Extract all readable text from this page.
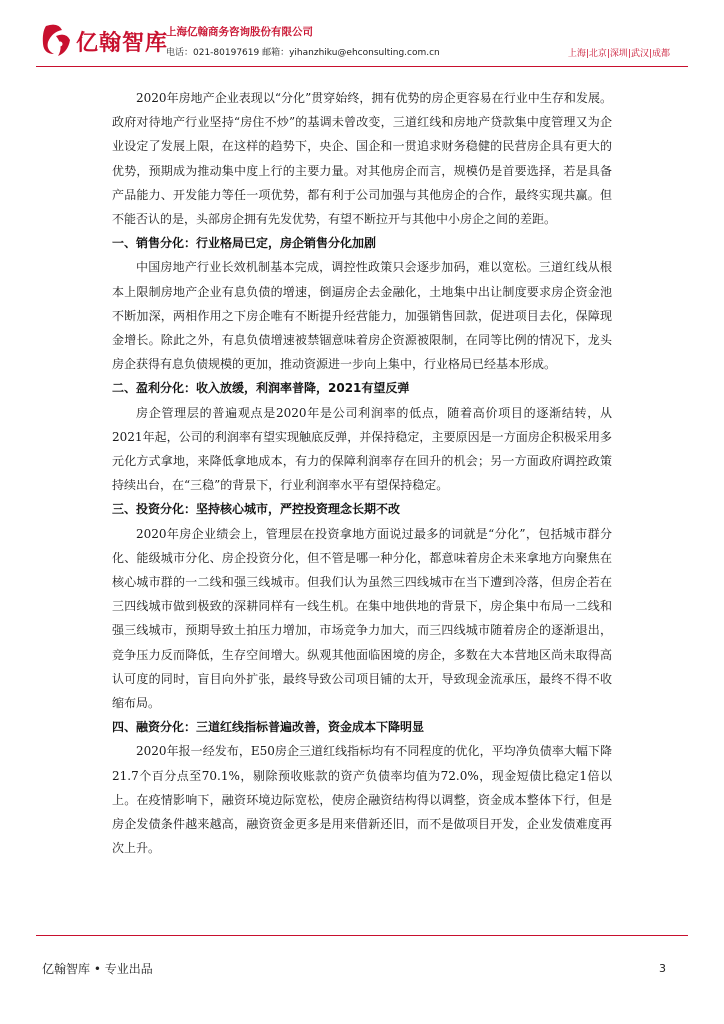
亿翰智库
上海亿翰商务咨询股份有限公司
电话：021-80197619 邮箱：yihanzhiku@ehconsulting.com.cn	上海|北京|深圳|武汉|成都

2020年房地产企业表现以“分化”贯穿始终，拥有优势的房企更容易在行业中生存和发展。政府对待地产行业坚持“房住不炒”的基调未曾改变，三道红线和房地产贷款集中度管理又为企业设定了发展上限，在这样的趋势下，央企、国企和一贯追求财务稳健的民营房企具有更大的优势，预期成为推动集中度上行的主要力量。对其他房企而言，规模仍是首要选择，若是具备产品能力、开发能力等任一项优势，都有利于公司加强与其他房企的合作，最终实现共赢。但不能否认的是，头部房企拥有先发优势，有望不断拉开与其他中小房企之间的差距。

一、销售分化：行业格局已定，房企销售分化加剧

中国房地产行业长效机制基本完成，调控性政策只会逐步加码，难以宽松。三道红线从根本上限制房地产企业有息负债的增速，倒逼房企去金融化，土地集中出让制度要求房企资金池不断加深，两相作用之下房企唯有不断提升经营能力，加强销售回款，促进项目去化，保障现金增长。除此之外，有息负债增速被禁锢意味着房企资源被限制，在同等比例的情况下，龙头房企获得有息负债规模的更加，推动资源进一步向上集中，行业格局已经基本形成。

二、盈利分化：收入放缓，利润率普降，2021有望反弹

房企管理层的普遍观点是2020年是公司利润率的低点，随着高价项目的逐渐结转，从2021年起，公司的利润率有望实现触底反弹，并保持稳定，主要原因是一方面房企积极采用多元化方式拿地，来降低拿地成本，有力的保障利润率存在回升的机会；另一方面政府调控政策持续出台，在“三稳”的背景下，行业利润率水平有望保持稳定。

三、投资分化：坚持核心城市，严控投资理念长期不改

2020年房企业绩会上，管理层在投资拿地方面说过最多的词就是“分化”，包括城市群分化、能级城市分化、房企投资分化，但不管是哪一种分化，都意味着房企未来拿地方向聚焦在核心城市群的一二线和强三线城市。但我们认为虽然三四线城市在当下遭到冷落，但房企若在三四线城市做到极致的深耕同样有一线生机。在集中地供地的背景下，房企集中布局一二线和强三线城市，预期导致土拍压力增加，市场竞争力加大，而三四线城市随着房企的逐渐退出，竞争压力反而降低，生存空间增大。纵观其他面临困境的房企，多数在大本营地区尚未取得高认可度的同时，盲目向外扩张，最终导致公司项目铺的太开，导致现金流承压，最终不得不收缩布局。

四、融资分化：三道红线指标普遍改善，资金成本下降明显

2020年报一经发布，E50房企三道红线指标均有不同程度的优化，平均净负债率大幅下降21.7个百分点至70.1%，剔除预收账款的资产负债率均值为72.0%，现金短债比稳定1倍以上。在疫情影响下，融资环境边际宽松，使房企融资结构得以调整，资金成本整体下行，但是房企发债条件越来越高，融资资金更多是用来借新还旧，而不是做项目开发，企业发债难度再次上升。

亿翰智库 • 专业出品	3
